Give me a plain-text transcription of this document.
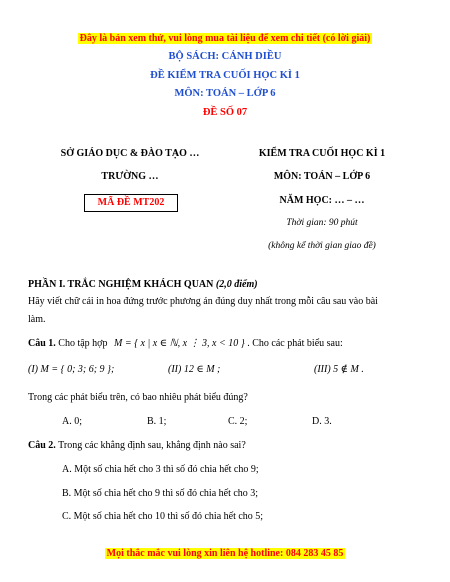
Đây là bản xem thử, vui lòng mua tài liệu để xem chi tiết (có lời giải)
BỘ SÁCH: CÁNH DIỀU
ĐỀ KIỂM TRA CUỐI HỌC KÌ 1
MÔN: TOÁN – LỚP 6
ĐỀ SỐ 07
SỞ GIÁO DỤC & ĐÀO TẠO …
TRƯỜNG …
MÃ ĐỀ MT202
KIỂM TRA CUỐI HỌC KÌ 1
MÔN: TOÁN – LỚP 6
NĂM HỌC: … – …
Thời gian: 90 phút
(không kể thời gian giao đề)
PHẦN I. TRẮC NGHIỆM KHÁCH QUAN (2,0 điểm)
Hãy viết chữ cái in hoa đứng trước phương án đúng duy nhất trong mỗi câu sau vào bài
làm.
Câu 1. Cho tập hợp M = { x | x ∈ ℕ, x ⋮ 3, x < 10 } . Cho các phát biểu sau:
(I) M = { 0; 3; 6; 9 };	(II) 12 ∈ M ;	(III) 5 ∉ M .
Trong các phát biểu trên, có bao nhiêu phát biểu đúng?
A. 0;	B. 1;	C. 2;	D. 3.
Câu 2. Trong các khẳng định sau, khẳng định nào sai?
A. Một số chia hết cho 3 thì số đó chia hết cho 9;
B. Một số chia hết cho 9 thì số đó chia hết cho 3;
C. Một số chia hết cho 10 thì số đó chia hết cho 5;
Mọi thắc mắc vui lòng xin liên hệ hotline: 084 283 45 85
